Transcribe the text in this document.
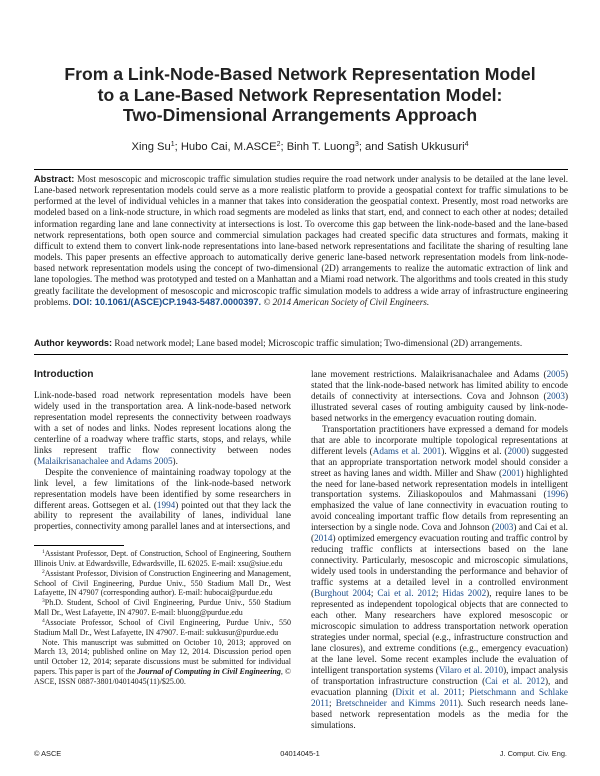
From a Link-Node-Based Network Representation Model
to a Lane-Based Network Representation Model:
Two-Dimensional Arrangements Approach

Xing Su$^1$; Hubo Cai, M.ASCE$^2$; Binh T. Luong$^3$; and Satish Ukkusuri$^4$

Abstract: Most mesoscopic and microscopic traffic simulation studies require the road network under analysis to be detailed at the lane level. Lane-based network representation models could serve as a more realistic platform to provide a geospatial context for traffic simulations to be performed at the level of individual vehicles in a manner that takes into consideration the geospatial context. Presently, most road networks are modeled based on a link-node structure, in which road segments are modeled as links that start, end, and connect to each other at nodes; detailed information regarding lane and lane connectivity at intersections is lost. To overcome this gap between the link-node-based and the lane-based network representations, both open source and commercial simulation packages had created specific data structures and formats, making it difficult to extend them to convert link-node representations into lane-based network representations and facilitate the sharing of resulting lane models. This paper presents an effective approach to automatically derive generic lane-based network representation models from link-node-based network representation models using the concept of two-dimensional (2D) arrangements to realize the automatic extraction of link and lane topologies. The method was prototyped and tested on a Manhattan and a Miami road network. The algorithms and tools created in this study greatly facilitate the development of mesoscopic and microscopic traffic simulation models to address a wide array of infrastructure engineering problems. DOI: 10.1061/(ASCE)CP.1943-5487.0000397. © 2014 American Society of Civil Engineers.

Author keywords: Road network model; Lane based model; Microscopic traffic simulation; Two-dimensional (2D) arrangements.

Introduction

Link-node-based road network representation models have been widely used in the transportation area. A link-node-based network representation model represents the connectivity between roadways with a set of nodes and links. Nodes represent locations along the centerline of a roadway where traffic starts, stops, and relays, while links represent traffic flow connectivity between nodes (Malaikrisanachalee and Adams 2005).

Despite the convenience of maintaining roadway topology at the link level, a few limitations of the link-node-based network representation models have been identified by some researchers in different areas. Gottsegen et al. (1994) pointed out that they lack the ability to represent the availability of lanes, individual lane properties, connectivity among parallel lanes and at intersections, and

$^1$Assistant Professor, Dept. of Construction, School of Engineering, Southern Illinois Univ. at Edwardsville, Edwardsville, IL 62025. E-mail: xsu@siue.edu

$^2$Assistant Professor, Division of Construction Engineering and Management, School of Civil Engineering, Purdue Univ., 550 Stadium Mall Dr., West Lafayette, IN 47907 (corresponding author). E-mail: hubocai@purdue.edu

$^3$Ph.D. Student, School of Civil Engineering, Purdue Univ., 550 Stadium Mall Dr., West Lafayette, IN 47907. E-mail: bluong@purdue.edu

$^4$Associate Professor, School of Civil Engineering, Purdue Univ., 550 Stadium Mall Dr., West Lafayette, IN 47907. E-mail: sukkusur@purdue.edu

Note. This manuscript was submitted on October 10, 2013; approved on March 13, 2014; published online on May 12, 2014. Discussion period open until October 12, 2014; separate discussions must be submitted for individual papers. This paper is part of the Journal of Computing in Civil Engineering, © ASCE, ISSN 0887-3801/04014045(11)/$25.00.

lane movement restrictions. Malaikrisanachalee and Adams (2005) stated that the link-node-based network has limited ability to encode details of connectivity at intersections. Cova and Johnson (2003) illustrated several cases of routing ambiguity caused by link-node-based networks in the emergency evacuation routing domain.

Transportation practitioners have expressed a demand for models that are able to incorporate multiple topological representations at different levels (Adams et al. 2001). Wiggins et al. (2000) suggested that an appropriate transportation network model should consider a street as having lanes and width. Miller and Shaw (2001) highlighted the need for lane-based network representation models in intelligent transportation systems. Ziliaskopoulos and Mahmassani (1996) emphasized the value of lane connectivity in evacuation routing to avoid concealing important traffic flow details from representing an intersection by a single node. Cova and Johnson (2003) and Cai et al. (2014) optimized emergency evacuation routing and traffic control by reducing traffic conflicts at intersections based on the lane connectivity. Particularly, mesoscopic and microscopic simulations, widely used tools in understanding the performance and behavior of traffic systems at a detailed level in a controlled environment (Burghout 2004; Cai et al. 2012; Hidas 2002), require lanes to be represented as independent topological objects that are connected to each other. Many researchers have explored mesoscopic or microscopic simulation to address transportation network operation strategies under normal, special (e.g., infrastructure construction and lane closures), and extreme conditions (e.g., emergency evacuation) at the lane level. Some recent examples include the evaluation of intelligent transportation systems (Vilaro et al. 2010), impact analysis of transportation infrastructure construction (Cai et al. 2012), and evacuation planning (Dixit et al. 2011; Pietschmann and Schlake 2011; Bretschneider and Kimms 2011). Such research needs lane-based network representation models as the media for the simulations.

© ASCE	04014045-1	J. Comput. Civ. Eng.
